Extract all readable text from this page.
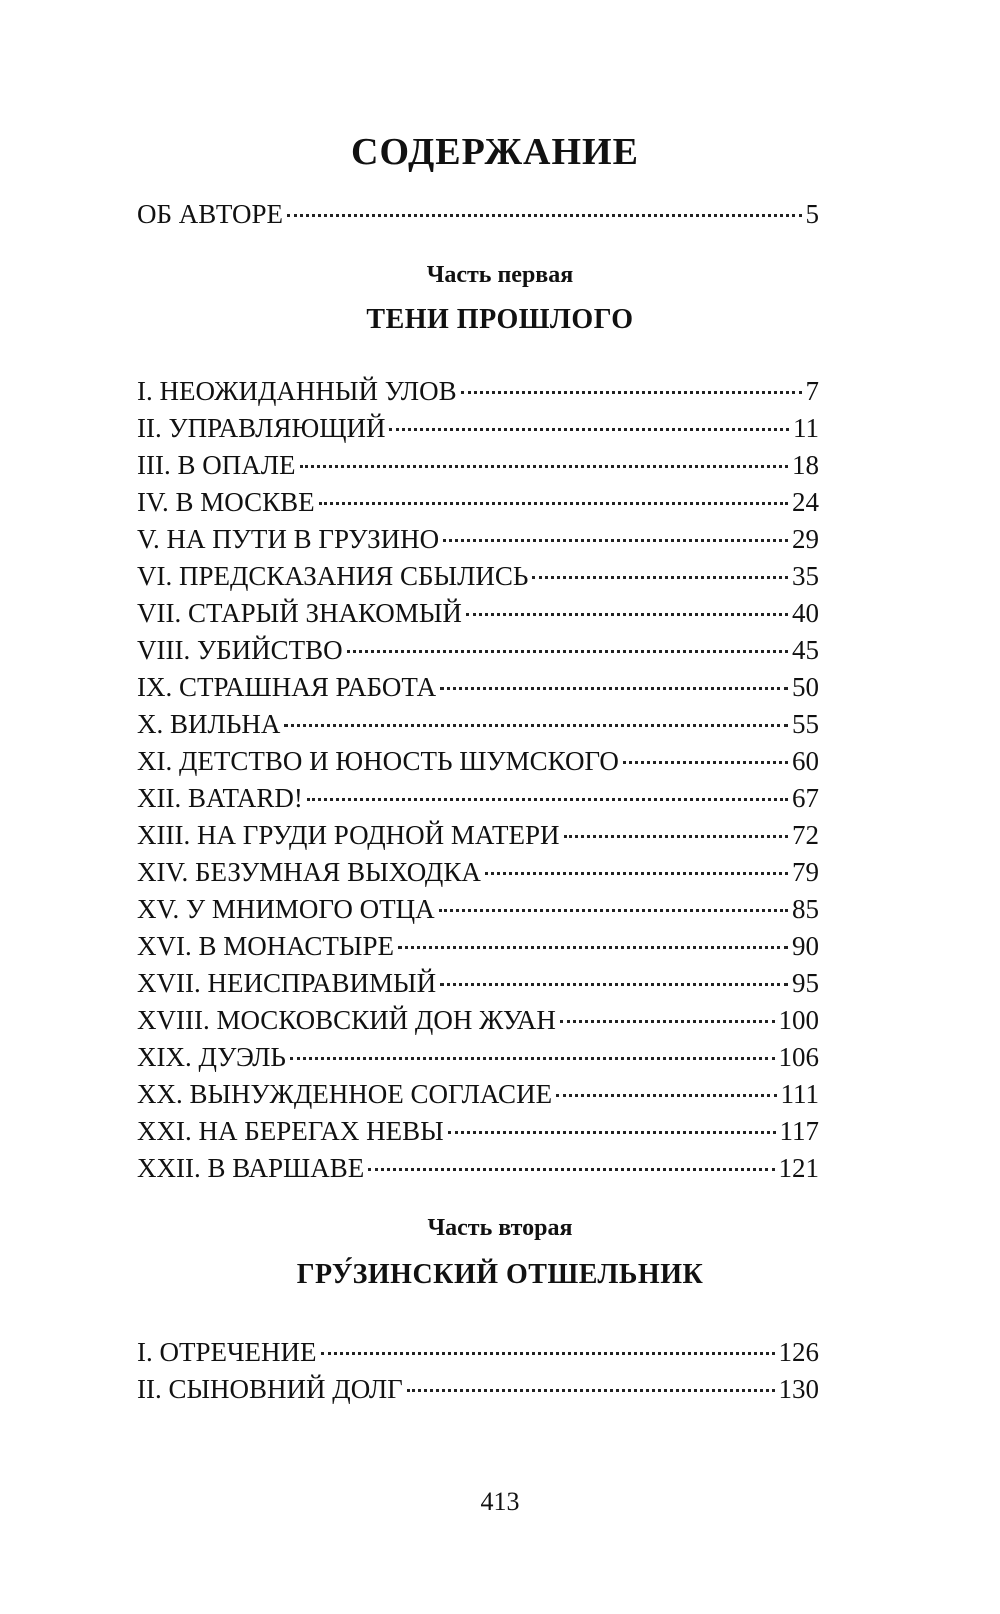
СОДЕРЖАНИЕ
ОБ АВТОРЕ	5
Часть первая
ТЕНИ ПРОШЛОГО
I. НЕОЖИДАННЫЙ УЛОВ	7
II. УПРАВЛЯЮЩИЙ	11
III. В ОПАЛЕ	18
IV. В МОСКВЕ	24
V. НА ПУТИ В ГРУЗИНО	29
VI. ПРЕДСКАЗАНИЯ СБЫЛИСЬ	35
VII. СТАРЫЙ ЗНАКОМЫЙ	40
VIII. УБИЙСТВО	45
IX. СТРАШНАЯ РАБОТА	50
X. ВИЛЬНА	55
XI. ДЕТСТВО И ЮНОСТЬ ШУМСКОГО	60
XII. BATARD!	67
XIII. НА ГРУДИ РОДНОЙ МАТЕРИ	72
XIV. БЕЗУМНАЯ ВЫХОДКА	79
XV. У МНИМОГО ОТЦА	85
XVI. В МОНАСТЫРЕ	90
XVII. НЕИСПРАВИМЫЙ	95
XVIII. МОСКОВСКИЙ ДОН ЖУАН	100
XIX. ДУЭЛЬ	106
XX. ВЫНУЖДЕННОЕ СОГЛАСИЕ	111
XXI. НА БЕРЕГАХ НЕВЫ	117
XXII. В ВАРШАВЕ	121
Часть вторая
ГРУ́ЗИНСКИЙ ОТШЕЛЬНИК
I. ОТРЕЧЕНИЕ	126
II. СЫНОВНИЙ ДОЛГ	130
413
